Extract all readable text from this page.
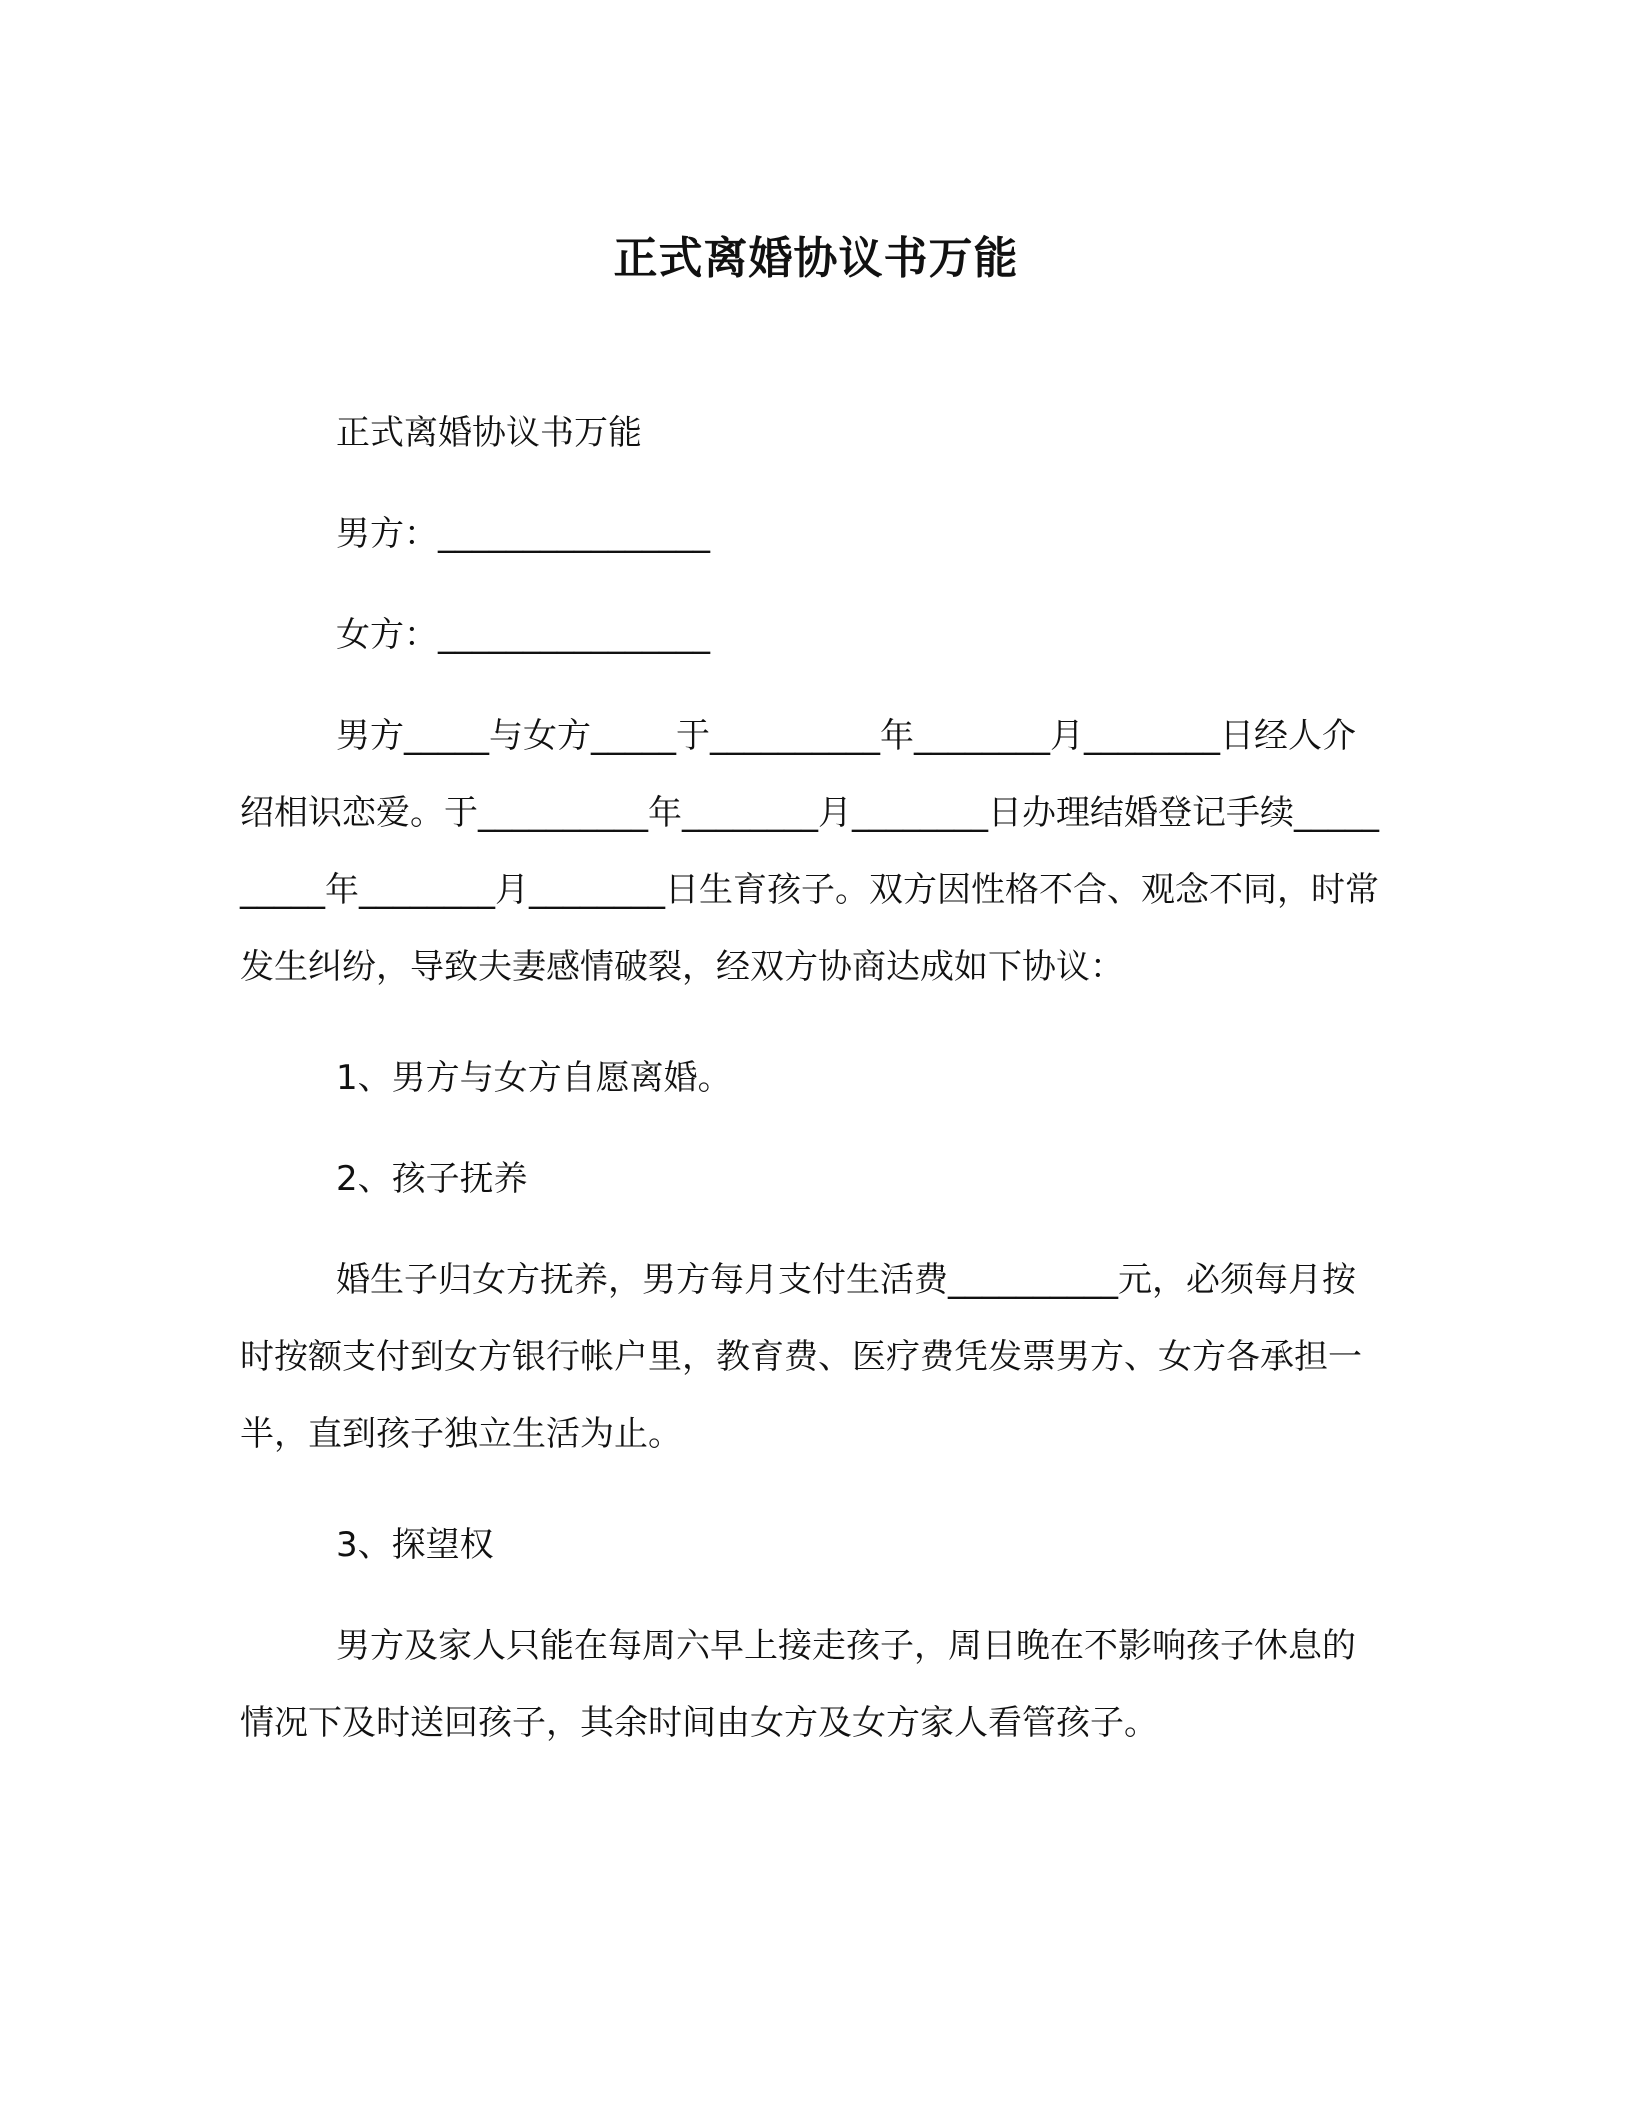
正式离婚协议书万能

正式离婚协议书万能

男方：________________

女方：________________

男方_____与女方_____于__________年________月________日经人介绍相识恋爱。于__________年________月________日办理结婚登记手续__________年________月________日生育孩子。双方因性格不合、观念不同，时常发生纠纷，导致夫妻感情破裂，经双方协商达成如下协议：

1、男方与女方自愿离婚。

2、孩子抚养

婚生子归女方抚养，男方每月支付生活费__________元，必须每月按时按额支付到女方银行帐户里，教育费、医疗费凭发票男方、女方各承担一半，直到孩子独立生活为止。

3、探望权

男方及家人只能在每周六早上接走孩子，周日晚在不影响孩子休息的情况下及时送回孩子，其余时间由女方及女方家人看管孩子。
